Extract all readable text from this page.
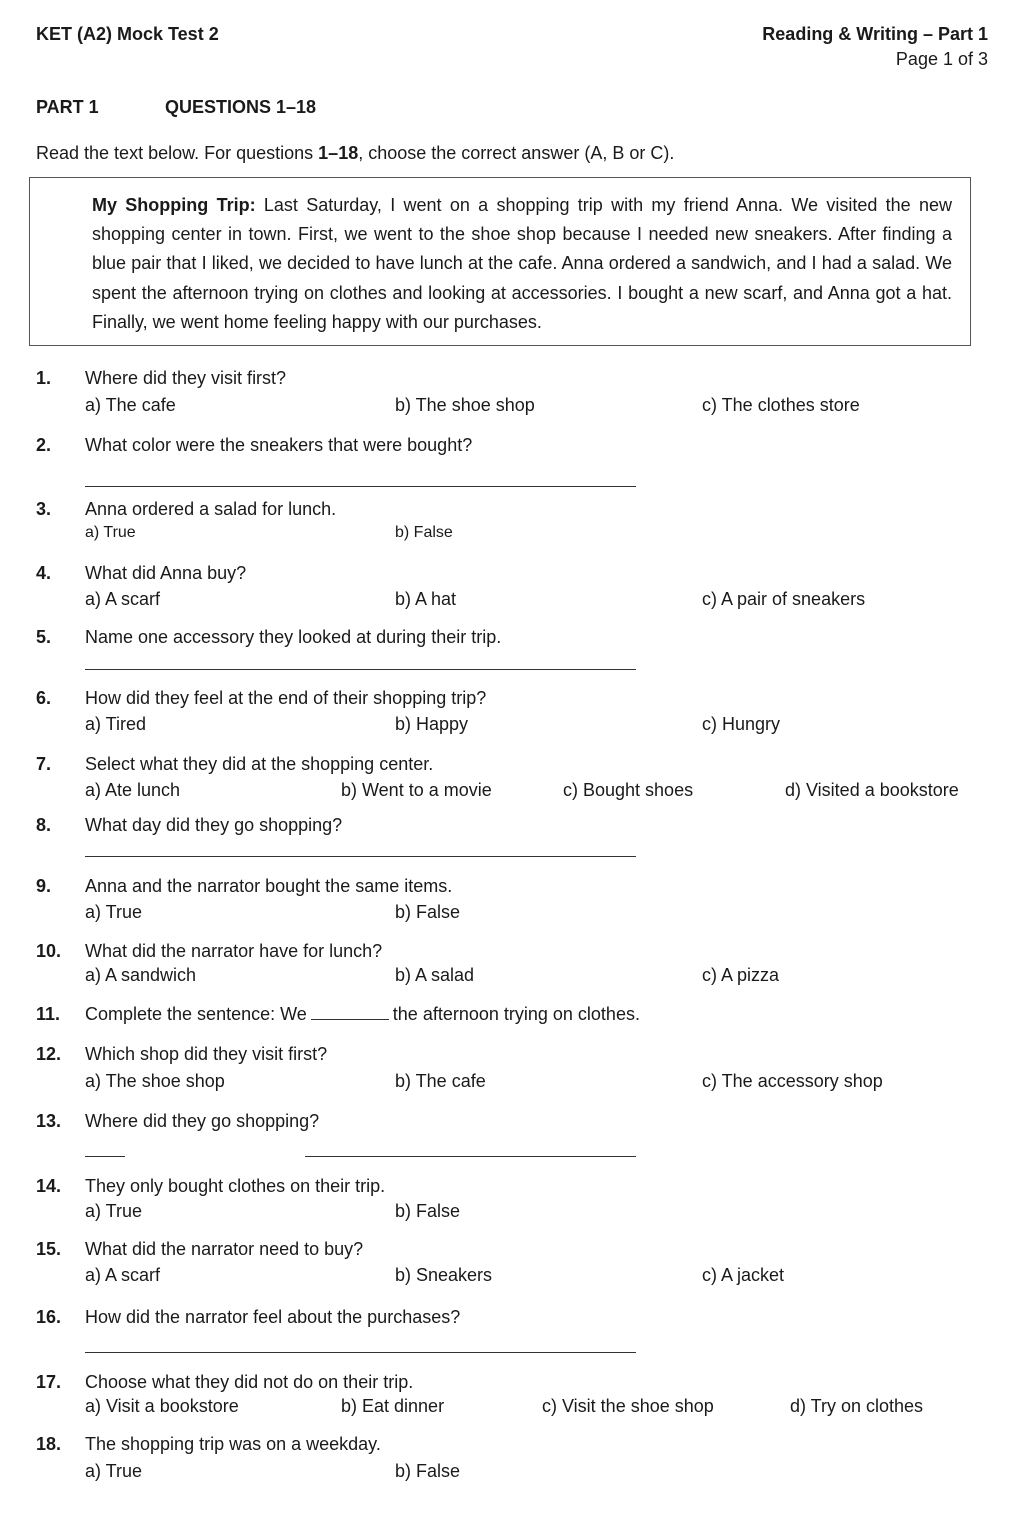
KET (A2) Mock Test 2	Reading & Writing – Part 1
Page 1 of 3
PART 1	QUESTIONS 1–18
Read the text below. For questions 1–18, choose the correct answer (A, B or C).
My Shopping Trip: Last Saturday, I went on a shopping trip with my friend Anna. We visited the new shopping center in town. First, we went to the shoe shop because I needed new sneakers. After finding a blue pair that I liked, we decided to have lunch at the cafe. Anna ordered a sandwich, and I had a salad. We spent the afternoon trying on clothes and looking at accessories. I bought a new scarf, and Anna got a hat. Finally, we went home feeling happy with our purchases.
1. Where did they visit first?
a) The cafe	b) The shoe shop	c) The clothes store
2. What color were the sneakers that were bought?
3. Anna ordered a salad for lunch.
a) True	b) False
4. What did Anna buy?
a) A scarf	b) A hat	c) A pair of sneakers
5. Name one accessory they looked at during their trip.
6. How did they feel at the end of their shopping trip?
a) Tired	b) Happy	c) Hungry
7. Select what they did at the shopping center.
a) Ate lunch	b) Went to a movie	c) Bought shoes	d) Visited a bookstore
8. What day did they go shopping?
9. Anna and the narrator bought the same items.
a) True	b) False
10. What did the narrator have for lunch?
a) A sandwich	b) A salad	c) A pizza
11. Complete the sentence: We	the afternoon trying on clothes.
12. Which shop did they visit first?
a) The shoe shop	b) The cafe	c) The accessory shop
13. Where did they go shopping?
14. They only bought clothes on their trip.
a) True	b) False
15. What did the narrator need to buy?
a) A scarf	b) Sneakers	c) A jacket
16. How did the narrator feel about the purchases?
17. Choose what they did not do on their trip.
a) Visit a bookstore	b) Eat dinner	c) Visit the shoe shop	d) Try on clothes
18. The shopping trip was on a weekday.
a) True	b) False
